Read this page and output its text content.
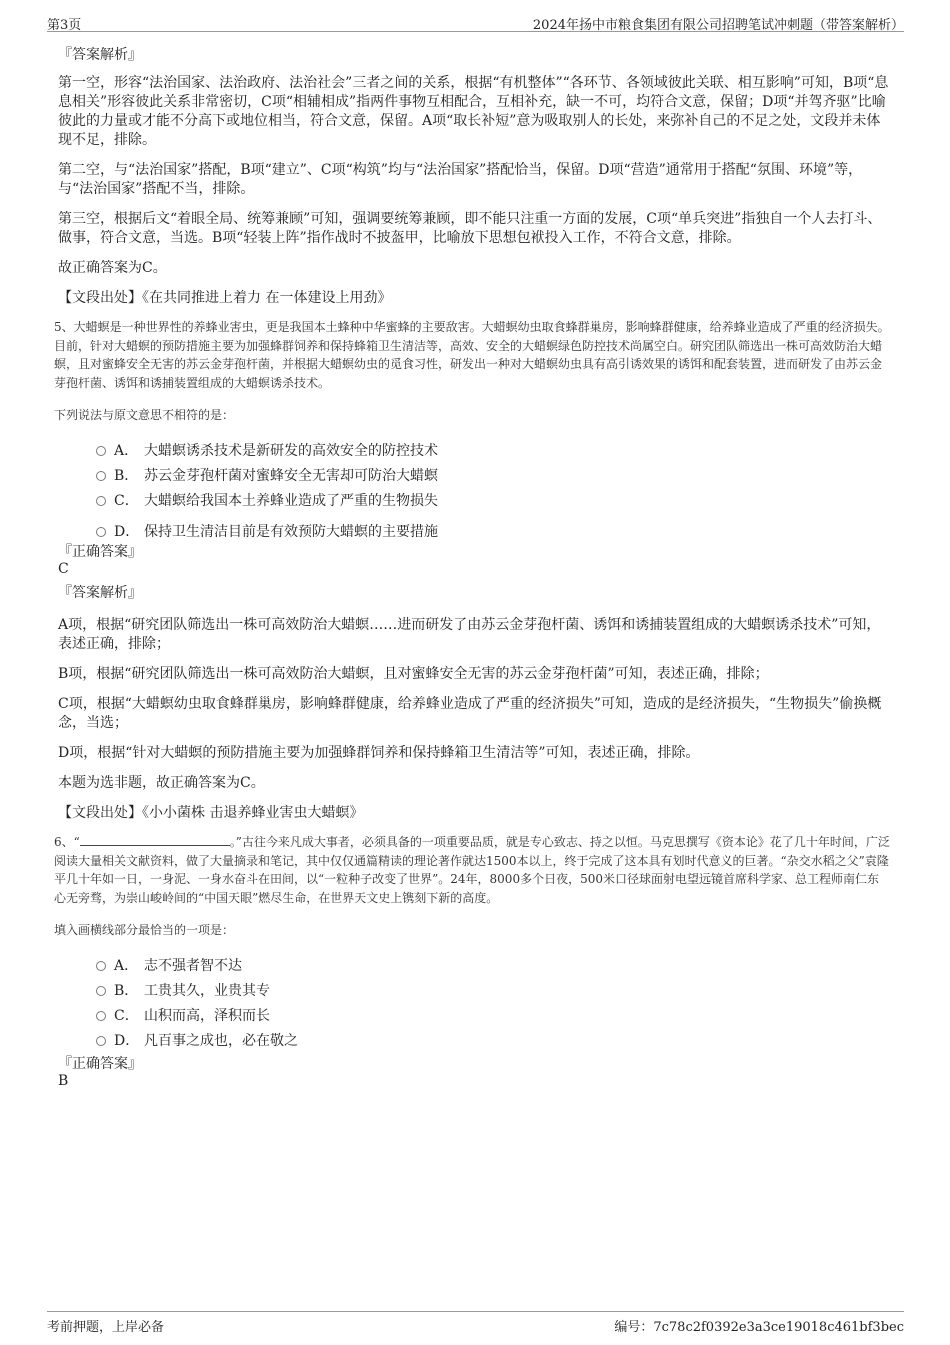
第3页	2024年扬中市粮食集团有限公司招聘笔试冲刺题（带答案解析）
『答案解析』

第一空，形容“法治国家、法治政府、法治社会”三者之间的关系，根据“有机整体”“各环节、各领域彼此关联、相互影响”可知，B项“息息相关”形容彼此关系非常密切，C项“相辅相成”指两件事物互相配合，互相补充，缺一不可，均符合文意，保留；D项“并驾齐驱”比喻彼此的力量或才能不分高下或地位相当，符合文意，保留。A项“取长补短”意为吸取别人的长处，来弥补自己的不足之处，文段并未体现不足，排除。

第二空，与“法治国家”搭配，B项“建立”、C项“构筑”均与“法治国家”搭配恰当，保留。D项“营造”通常用于搭配“氛围、环境”等，与“法治国家”搭配不当，排除。

第三空，根据后文“着眼全局、统筹兼顾”可知，强调要统筹兼顾，即不能只注重一方面的发展，C项“单兵突进”指独自一个人去打斗、做事，符合文意，当选。B项“轻装上阵”指作战时不披盔甲，比喻放下思想包袱投入工作，不符合文意，排除。

故正确答案为C。

【文段出处】《在共同推进上着力 在一体建设上用劲》

5、大蜡螟是一种世界性的养蜂业害虫，更是我国本土蜂种中华蜜蜂的主要敌害。大蜡螟幼虫取食蜂群巢房，影响蜂群健康，给养蜂业造成了严重的经济损失。目前，针对大蜡螟的预防措施主要为加强蜂群饲养和保持蜂箱卫生清洁等，高效、安全的大蜡螟绿色防控技术尚属空白。研究团队筛选出一株可高效防治大蜡螟，且对蜜蜂安全无害的苏云金芽孢杆菌，并根据大蜡螟幼虫的觅食习性，研发出一种对大蜡螟幼虫具有高引诱效果的诱饵和配套装置，进而研发了由苏云金芽孢杆菌、诱饵和诱捕装置组成的大蜡螟诱杀技术。

下列说法与原文意思不相符的是：

A． 大蜡螟诱杀技术是新研发的高效安全的防控技术
B． 苏云金芽孢杆菌对蜜蜂安全无害却可防治大蜡螟
C． 大蜡螟给我国本土养蜂业造成了严重的生物损失
D． 保持卫生清洁目前是有效预防大蜡螟的主要措施
『正确答案』
C
『答案解析』

A项，根据“研究团队筛选出一株可高效防治大蜡螟……进而研发了由苏云金芽孢杆菌、诱饵和诱捕装置组成的大蜡螟诱杀技术”可知，表述正确，排除；

B项，根据“研究团队筛选出一株可高效防治大蜡螟，且对蜜蜂安全无害的苏云金芽孢杆菌”可知，表述正确，排除；

C项，根据“大蜡螟幼虫取食蜂群巢房，影响蜂群健康，给养蜂业造成了严重的经济损失”可知，造成的是经济损失，“生物损失”偷换概念，当选；

D项，根据“针对大蜡螟的预防措施主要为加强蜂群饲养和保持蜂箱卫生清洁等”可知，表述正确，排除。

本题为选非题，故正确答案为C。

【文段出处】《小小菌株 击退养蜂业害虫大蜡螟》

6、“	。”古往今来凡成大事者，必须具备的一项重要品质，就是专心致志、持之以恒。马克思撰写《资本论》花了几十年时间，广泛阅读大量相关文献资料，做了大量摘录和笔记，其中仅仅通篇精读的理论著作就达1500本以上，终于完成了这本具有划时代意义的巨著。“杂交水稻之父”袁隆平几十年如一日，一身泥、一身水奋斗在田间，以“一粒种子改变了世界”。24年，8000多个日夜，500米口径球面射电望远镜首席科学家、总工程师南仁东心无旁骛，为崇山峻岭间的“中国天眼”燃尽生命，在世界天文史上镌刻下新的高度。

填入画横线部分最恰当的一项是：

A． 志不强者智不达
B． 工贵其久，业贵其专
C． 山积而高，泽积而长
D． 凡百事之成也，必在敬之
『正确答案』
B
考前押题，上岸必备	编号：7c78c2f0392e3a3ce19018c461bf3bec
